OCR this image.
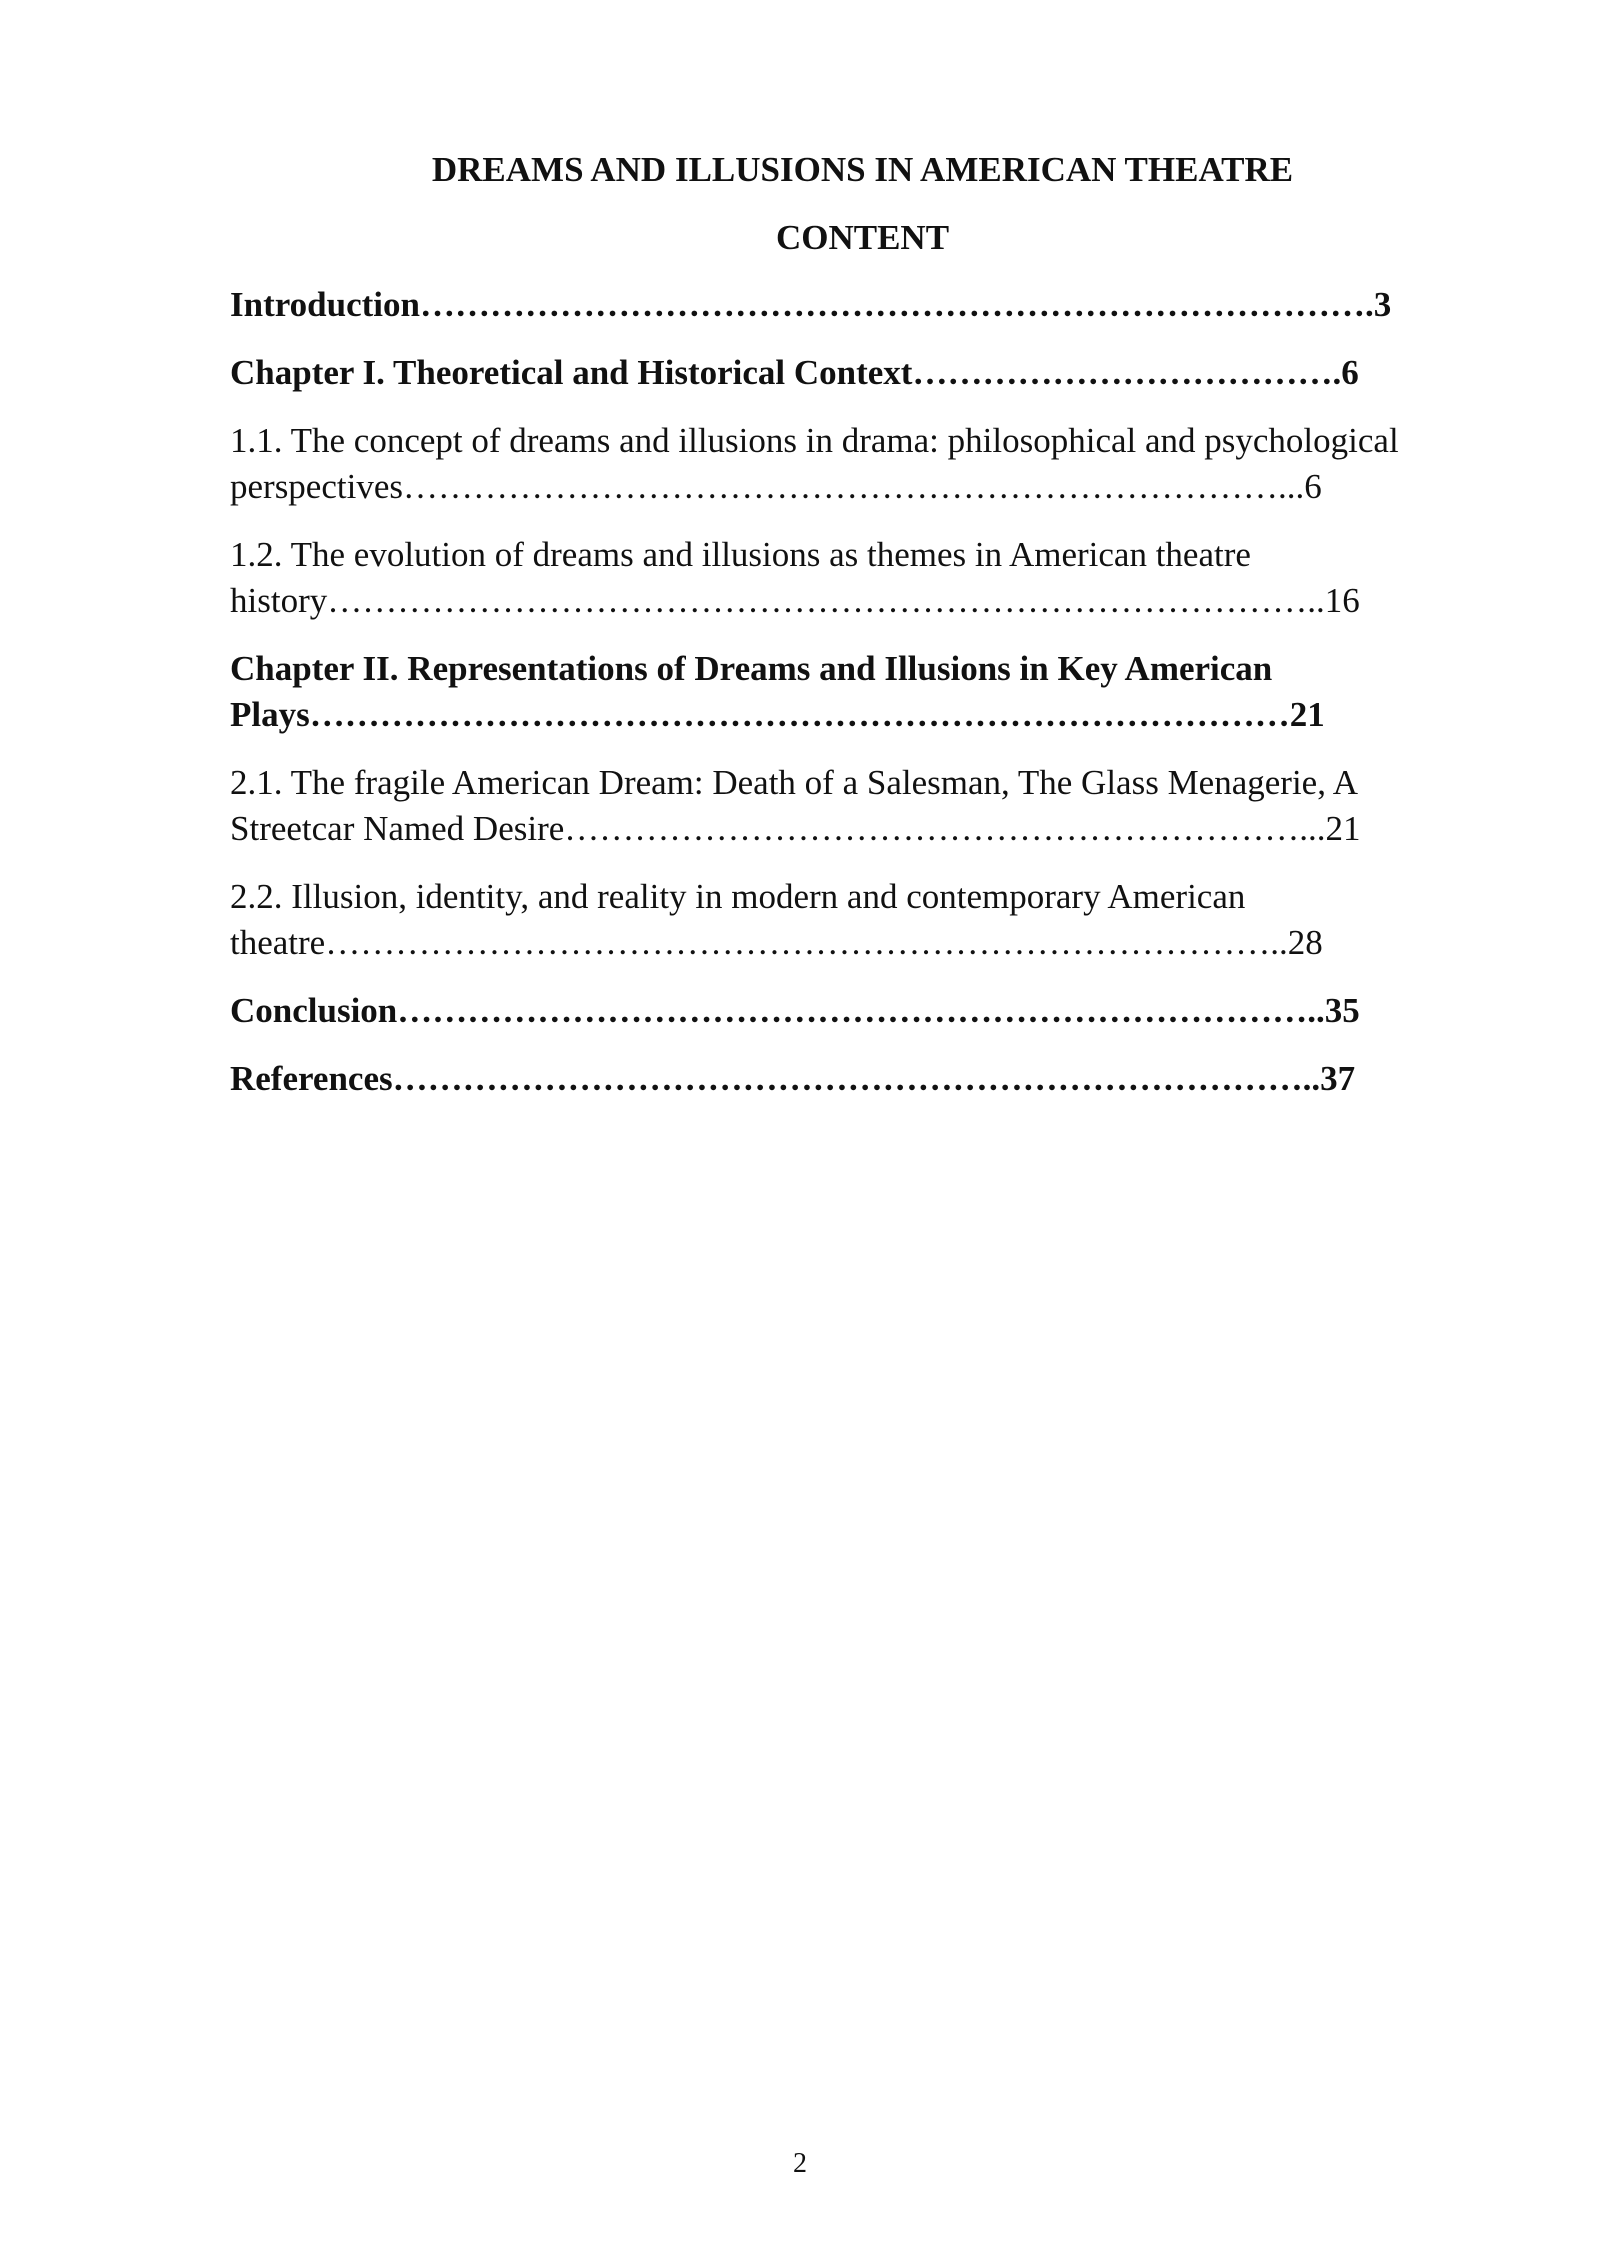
DREAMS AND ILLUSIONS IN AMERICAN THEATRE

CONTENT

Introduction……………………………………………………………………….3
Chapter I. Theoretical and Historical Context……………………………….6
1.1. The concept of dreams and illusions in drama: philosophical and psychological
perspectives…………………………………………………………………...6
1.2. The evolution of dreams and illusions as themes in American theatre
history…………………………………………………………………………..16
Chapter II. Representations of Dreams and Illusions in Key American
Plays…………………………………………………………………………21
2.1. The fragile American Dream: Death of a Salesman, The Glass Menagerie, A
Streetcar Named Desire………………………………………………………...21
2.2. Illusion, identity, and reality in modern and contemporary American
theatre………………………………………………………………………..28
Conclusion……………………………………………………………………..35
References……………………………………………………………………..37
2
